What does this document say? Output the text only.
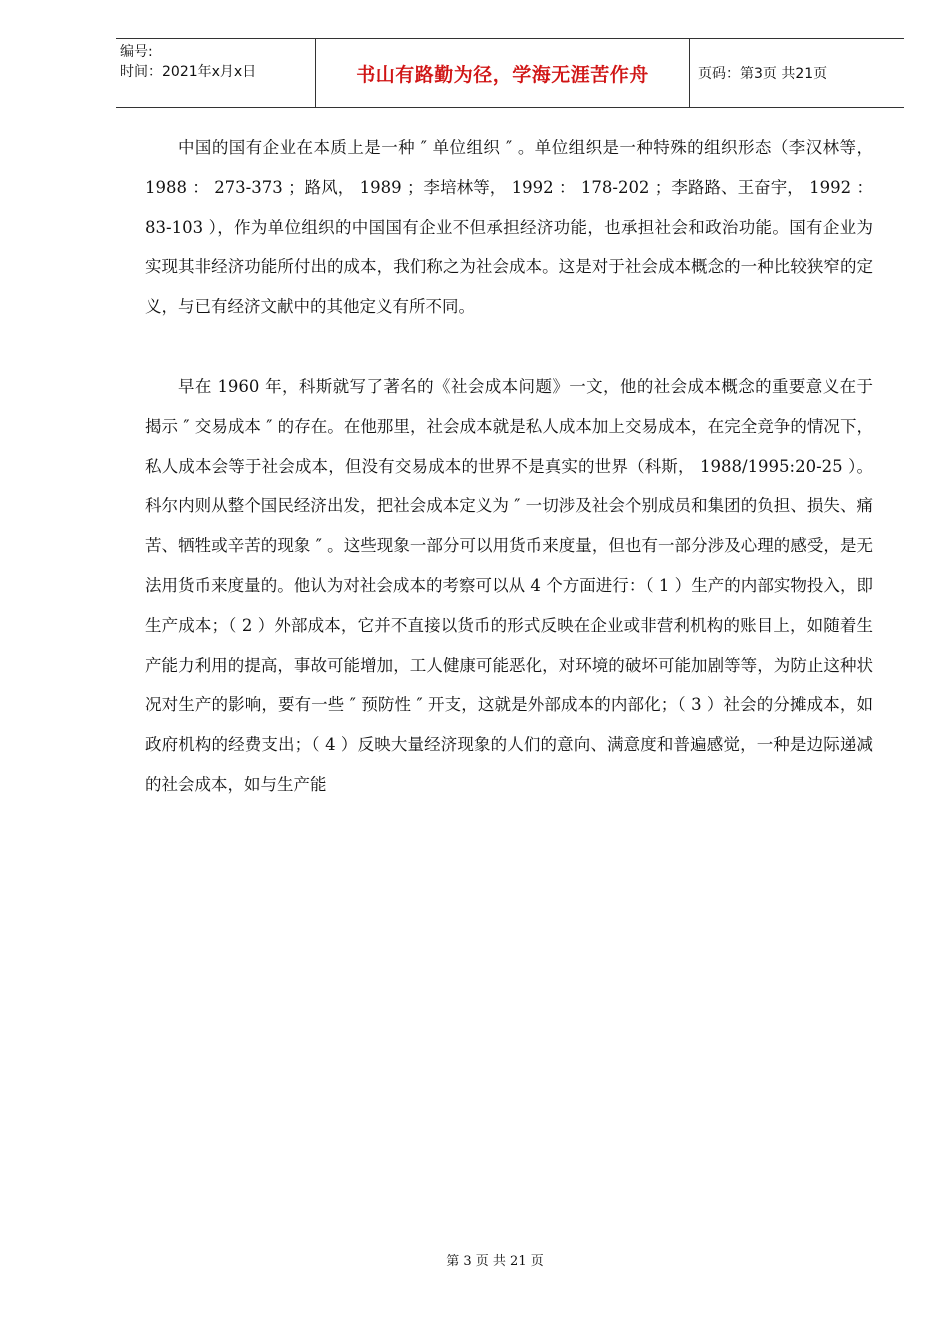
编号:
时间：2021年x月x日	书山有路勤为径，学海无涯苦作舟	页码：第3页 共21页

中国的国有企业在本质上是一种 ″ 单位组织 ″ 。单位组织是一种特殊的组织形态（李汉林等， 1988 ： 273-373 ；路风， 1989 ；李培林等， 1992 ： 178-202 ；李路路、王奋宇， 1992 ： 83-103 ），作为单位组织的中国国有企业不但承担经济功能，也承担社会和政治功能。国有企业为实现其非经济功能所付出的成本，我们称之为社会成本。这是对于社会成本概念的一种比较狭窄的定义，与已有经济文献中的其他定义有所不同。

早在 1960 年，科斯就写了著名的《社会成本问题》一文，他的社会成本概念的重要意义在于揭示 ″ 交易成本 ″ 的存在。在他那里，社会成本就是私人成本加上交易成本，在完全竞争的情况下，私人成本会等于社会成本，但没有交易成本的世界不是真实的世界（科斯， 1988/1995:20-25 ）。科尔内则从整个国民经济出发，把社会成本定义为 ″ 一切涉及社会个别成员和集团的负担、损失、痛苦、牺牲或辛苦的现象 ″ 。这些现象一部分可以用货币来度量，但也有一部分涉及心理的感受，是无法用货币来度量的。他认为对社会成本的考察可以从 4 个方面进行：（ 1 ）生产的内部实物投入，即生产成本；（ 2 ）外部成本，它并不直接以货币的形式反映在企业或非营利机构的账目上，如随着生产能力利用的提高，事故可能增加，工人健康可能恶化，对环境的破坏可能加剧等等，为防止这种状况对生产的影响，要有一些 ″ 预防性 ″ 开支，这就是外部成本的内部化；（ 3 ）社会的分摊成本，如政府机构的经费支出；（ 4 ）反映大量经济现象的人们的意向、满意度和普遍感觉，一种是边际递减的社会成本，如与生产能

第 3 页 共 21 页
